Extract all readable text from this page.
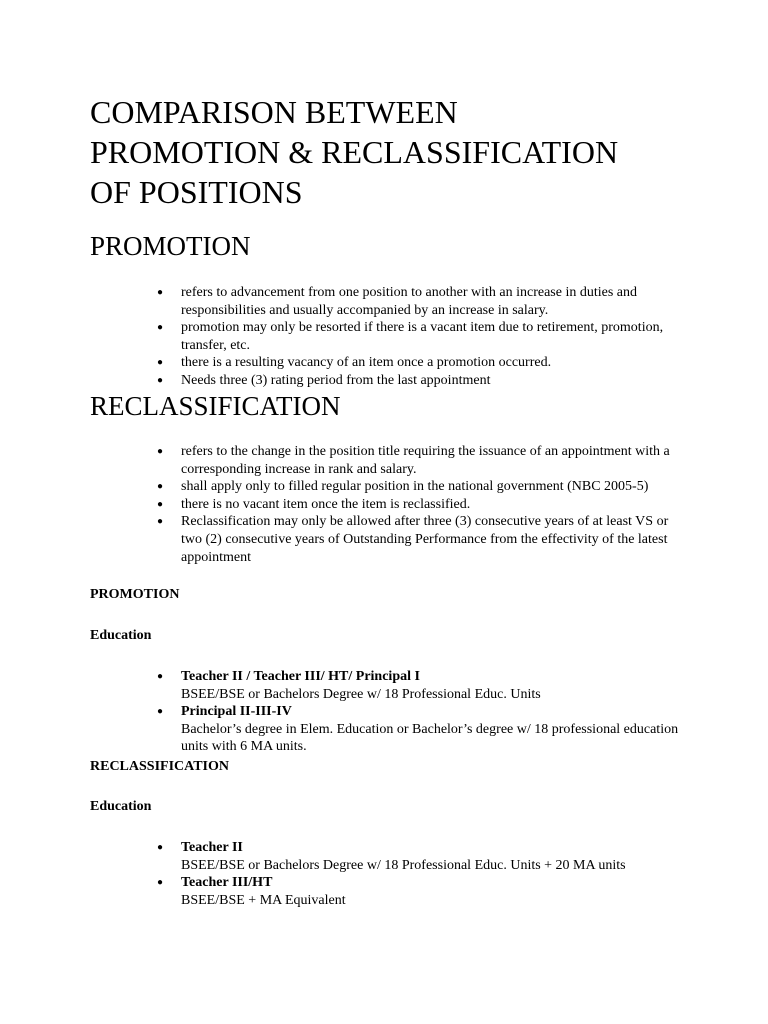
COMPARISON BETWEEN
PROMOTION & RECLASSIFICATION
OF POSITIONS
PROMOTION
● refers to advancement from one position to another with an increase in duties and responsibilities and usually accompanied by an increase in salary.
● promotion may only be resorted if there is a vacant item due to retirement, promotion, transfer, etc.
● there is a resulting vacancy of an item once a promotion occurred.
● Needs three (3) rating period from the last appointment
RECLASSIFICATION
● refers to the change in the position title requiring the issuance of an appointment with a corresponding increase in rank and salary.
● shall apply only to filled regular position in the national government (NBC 2005-5)
● there is no vacant item once the item is reclassified.
● Reclassification may only be allowed after three (3) consecutive years of at least VS or two (2) consecutive years of Outstanding Performance from the effectivity of the latest appointment

PROMOTION

Education

● Teacher II / Teacher III/ HT/ Principal I
BSEE/BSE or Bachelors Degree w/ 18 Professional Educ. Units
● Principal II-III-IV
Bachelor’s degree in Elem. Education or Bachelor’s degree w/ 18 professional education units with 6 MA units.

RECLASSIFICATION

Education

● Teacher II
BSEE/BSE or Bachelors Degree w/ 18 Professional Educ. Units + 20 MA units
● Teacher III/HT
BSEE/BSE + MA Equivalent
